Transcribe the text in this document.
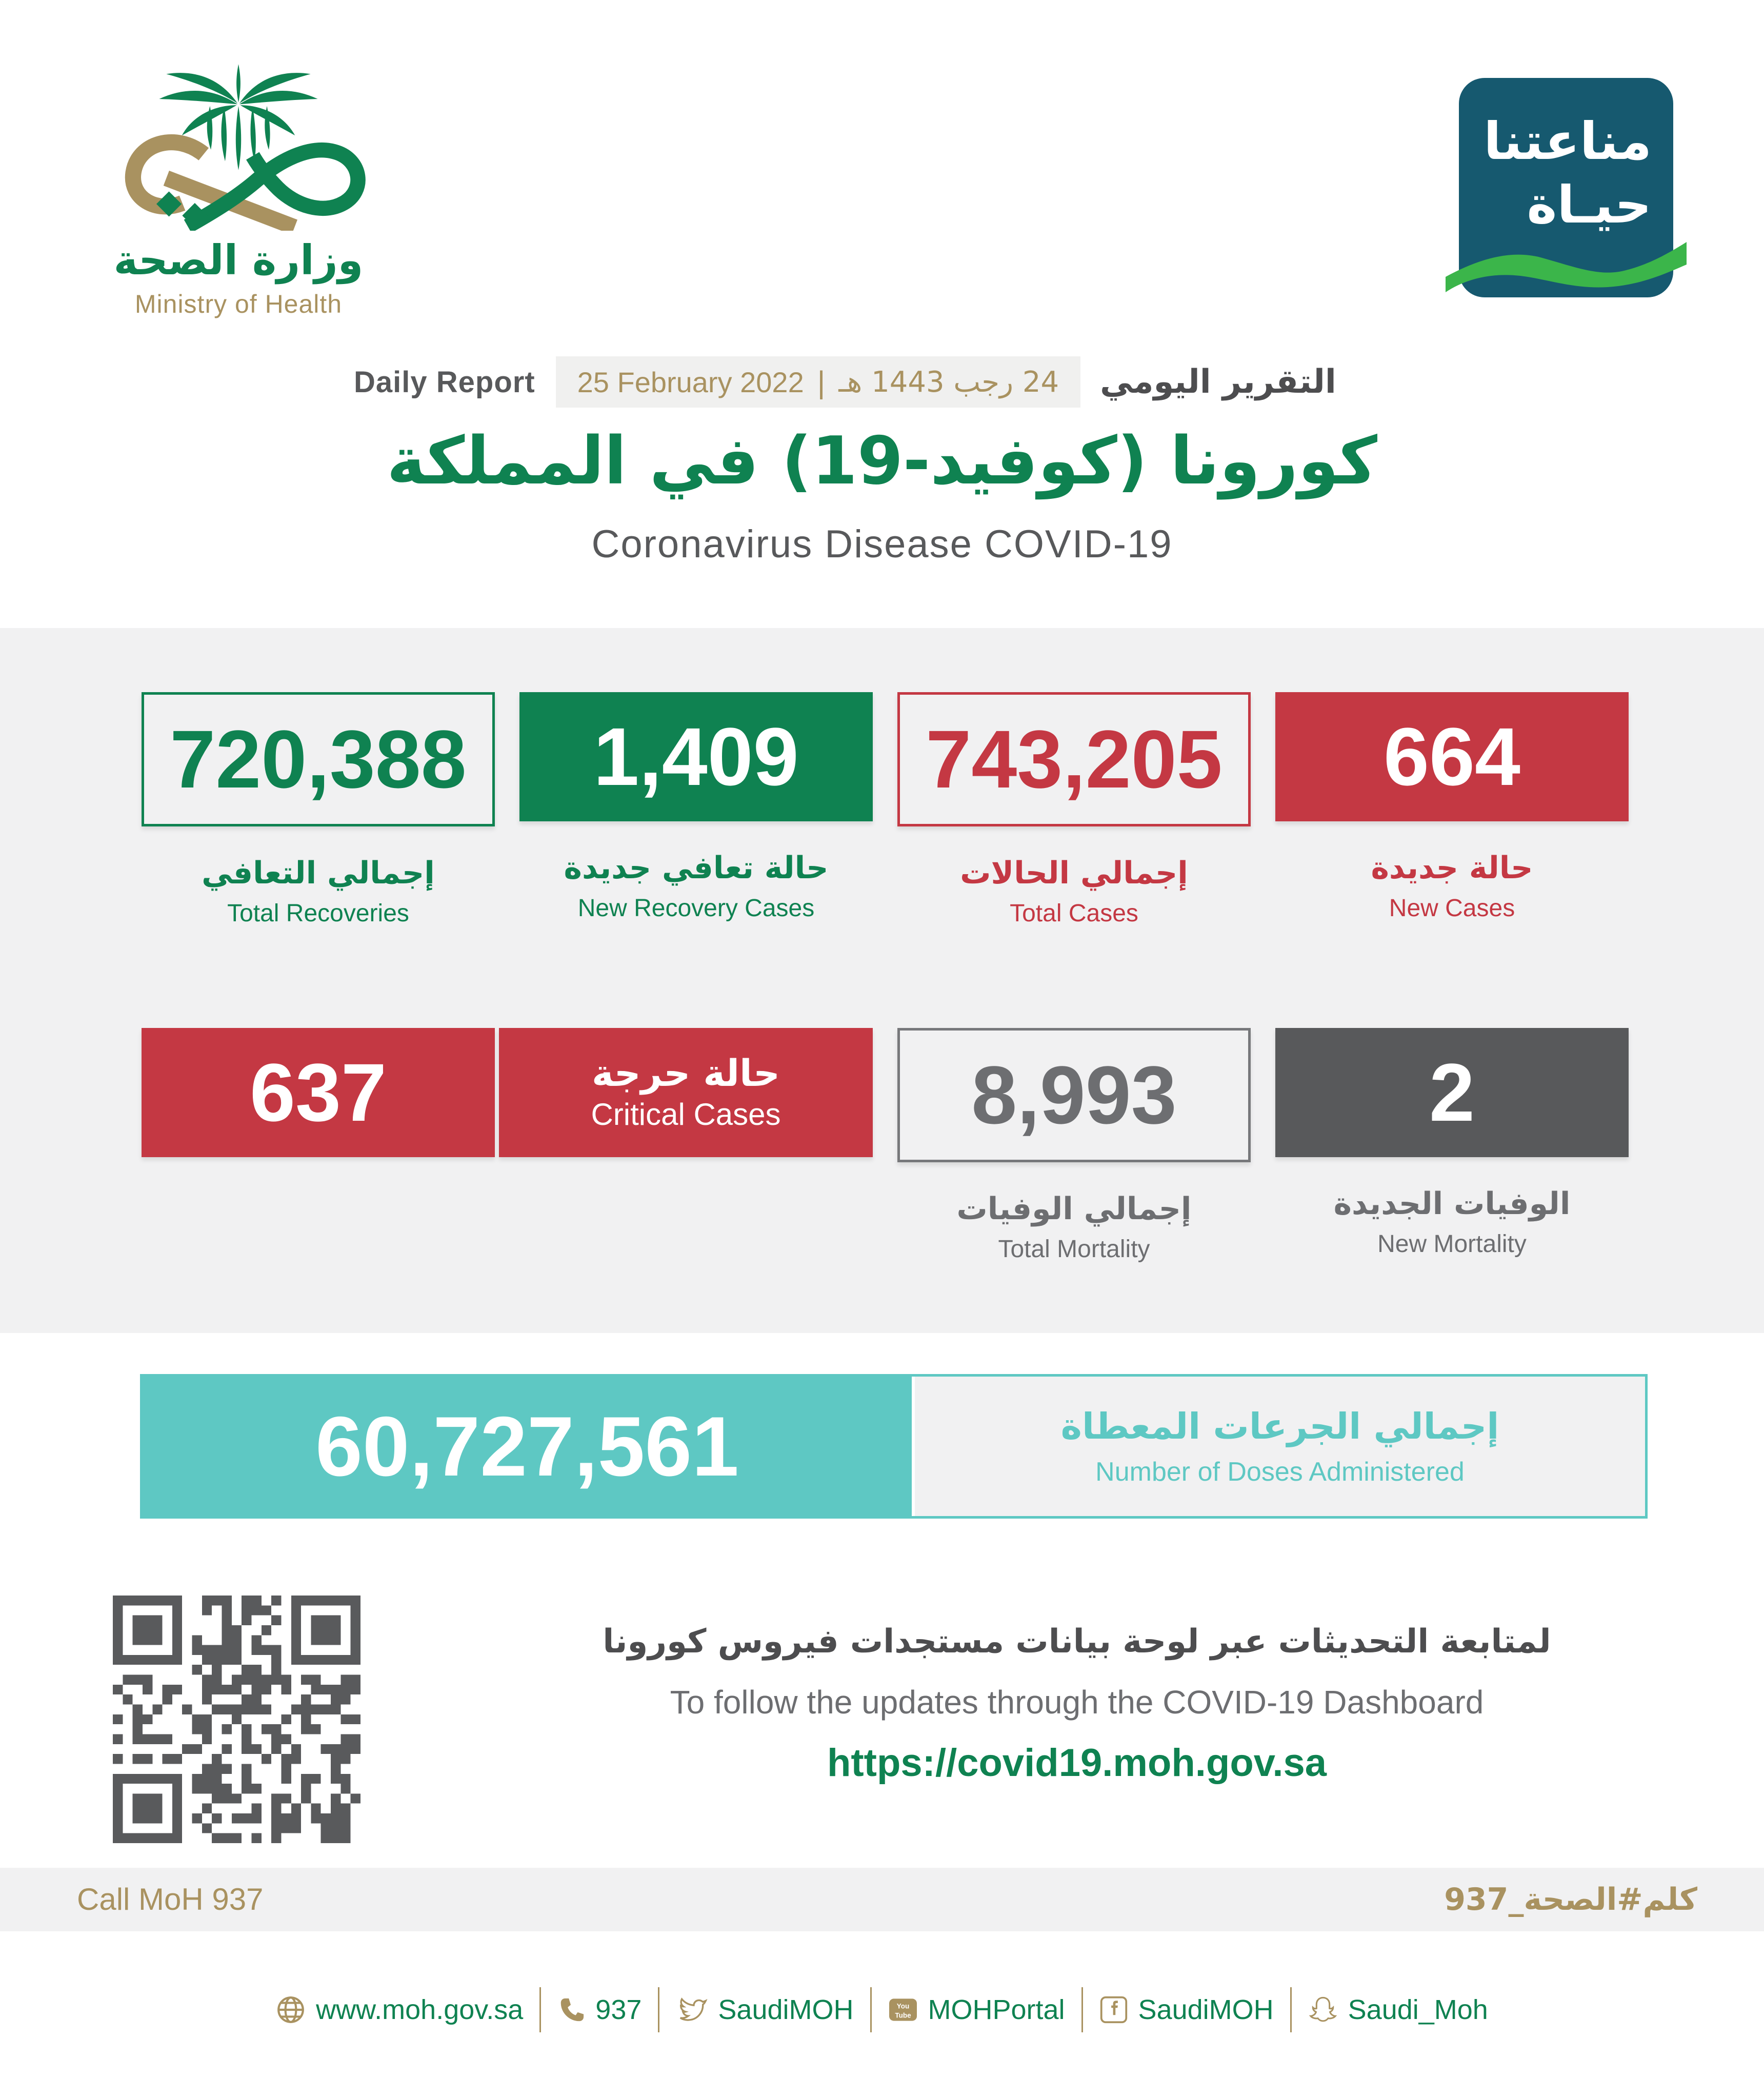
وزارة الصحة
Ministry of Health
مناعتنا
حيـاة
Daily Report 25 February 2022 | 24 رجب 1443 هـ التقرير اليومي
كورونا (كوفيد-19) في المملكة
Coronavirus Disease COVID-19
720,388
إجمالي التعافي
Total Recoveries
1,409
حالة تعافي جديدة
New Recovery Cases
743,205
إجمالي الحالات
Total Cases
664
حالة جديدة
New Cases
637	حالة حرجة
Critical Cases 8,993
إجمالي الوفيات
Total Mortality
2
الوفيات الجديدة
New Mortality
60,727,561	إجمالي الجرعات المعطاة
Number of Doses Administered
لمتابعة التحديثات عبر لوحة بيانات مستجدات فيروس كورونا
To follow the updates through the COVID-19 Dashboard
https://covid19.moh.gov.sa
Call MoH 937	كلم#الصحة_937
www.moh.gov.sa	937	SaudiMOH	You
Tube MOHPortal	SaudiMOH	Saudi_Moh
